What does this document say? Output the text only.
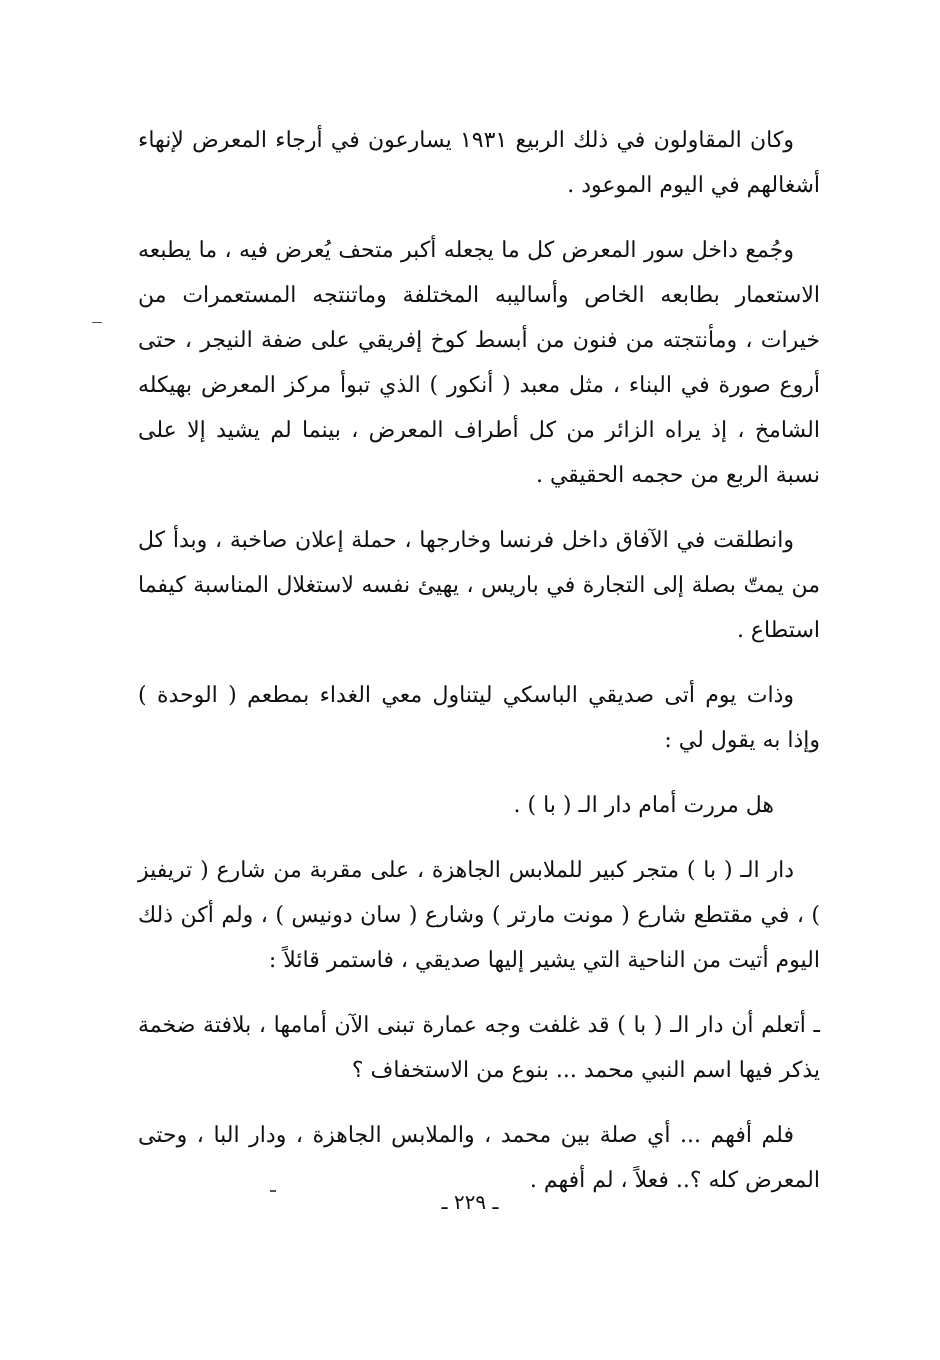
وكان المقاولون في ذلك الربيع ١٩٣١ يسارعون في أرجاء المعرض لإنهاء أشغالهم في اليوم الموعود .

وجُمع داخل سور المعرض كل ما يجعله أكبر متحف يُعرض فيه ، ما يطبعه الاستعمار بطابعه الخاص وأساليبه المختلفة وماتنتجه المستعمرات من خيرات ، ومأنتجته من فنون من أبسط كوخ إفريقي على ضفة النيجر ، حتى أروع صورة في البناء ، مثل معبد ( أنكور ) الذي تبوأ مركز المعرض بهيكله الشامخ ، إذ يراه الزائر من كل أطراف المعرض ، بينما لم يشيد إلا على نسبة الربع من حجمه الحقيقي .

وانطلقت في الآفاق داخل فرنسا وخارجها ، حملة إعلان صاخبة ، وبدأ كل من يمتّ بصلة إلى التجارة في باريس ، يهيئ نفسه لاستغلال المناسبة كيفما استطاع .

وذات يوم أتى صديقي الباسكي ليتناول معي الغداء بمطعم ( الوحدة ) وإذا به يقول لي :

هل مررت أمام دار الـ ( با ) .

دار الـ ( با ) متجر كبير للملابس الجاهزة ، على مقربة من شارع ( تريفيز ) ، في مقتطع شارع ( مونت مارتر ) وشارع ( سان دونيس ) ، ولم أكن ذلك اليوم أتيت من الناحية التي يشير إليها صديقي ، فاستمر قائلاً :

ـ أتعلم أن دار الـ ( با ) قد غلفت وجه عمارة تبنى الآن أمامها ، بلافتة ضخمة يذكر فيها اسم النبي محمد ... بنوع من الاستخفاف ؟

فلم أفهم ... أي صلة بين محمد ، والملابس الجاهزة ، ودار البا ، وحتى المعرض كله ؟.. فعلاً ، لم أفهم .

ـ ٢٢٩ ـ
